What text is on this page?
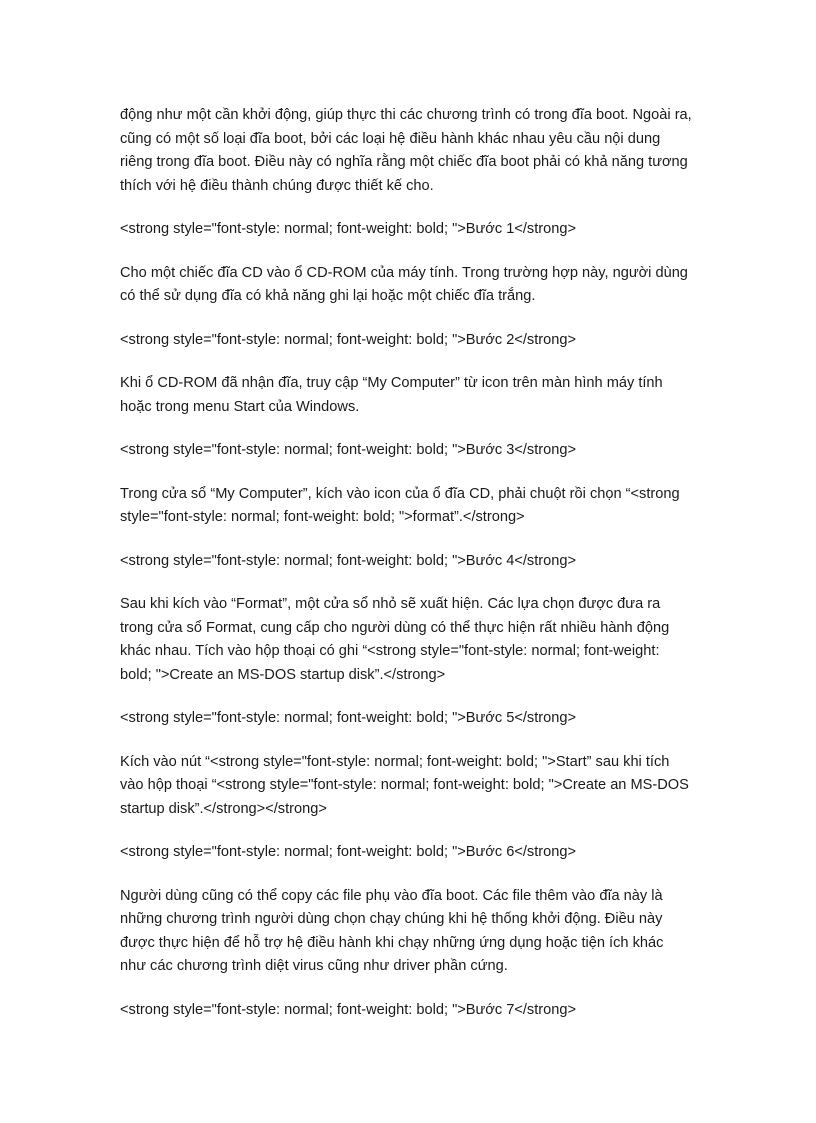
động như một cần khởi động, giúp thực thi các chương trình có trong đĩa boot. Ngoài ra,
cũng có một số loại đĩa boot, bởi các loại hệ điều hành khác nhau yêu cầu nội dung
riêng trong đĩa boot. Điều này có nghĩa rằng một chiếc đĩa boot phải có khả năng tương
thích với hệ điều thành chúng được thiết kế cho.

<strong style="font-style: normal; font-weight: bold; ">Bước 1</strong>

Cho một chiếc đĩa CD vào ổ CD-ROM của máy tính. Trong trường hợp này, người dùng
có thể sử dụng đĩa có khả năng ghi lại hoặc một chiếc đĩa trắng.

<strong style="font-style: normal; font-weight: bold; ">Bước 2</strong>

Khi ổ CD-ROM đã nhận đĩa, truy cập “My Computer” từ icon trên màn hình máy tính
hoặc trong menu Start của Windows.

<strong style="font-style: normal; font-weight: bold; ">Bước 3</strong>

Trong cửa sổ “My Computer”, kích vào icon của ổ đĩa CD, phải chuột rồi chọn “<strong
style="font-style: normal; font-weight: bold; ">format”.</strong>

<strong style="font-style: normal; font-weight: bold; ">Bước 4</strong>

Sau khi kích vào “Format”, một cửa sổ nhỏ sẽ xuất hiện. Các lựa chọn được đưa ra
trong cửa sổ Format, cung cấp cho người dùng có thể thực hiện rất nhiều hành động
khác nhau. Tích vào hộp thoại có ghi “<strong style="font-style: normal; font-weight:
bold; ">Create an MS-DOS startup disk”.</strong>

<strong style="font-style: normal; font-weight: bold; ">Bước 5</strong>

Kích vào nút “<strong style="font-style: normal; font-weight: bold; ">Start” sau khi tích
vào hộp thoại “<strong style="font-style: normal; font-weight: bold; ">Create an MS-DOS
startup disk”.</strong></strong>

<strong style="font-style: normal; font-weight: bold; ">Bước 6</strong>

Người dùng cũng có thể copy các file phụ vào đĩa boot. Các file thêm vào đĩa này là
những chương trình người dùng chọn chạy chúng khi hệ thống khởi động. Điều này
được thực hiện để hỗ trợ hệ điều hành khi chạy những ứng dụng hoặc tiện ích khác
như các chương trình diệt virus cũng như driver phần cứng.

<strong style="font-style: normal; font-weight: bold; ">Bước 7</strong>
